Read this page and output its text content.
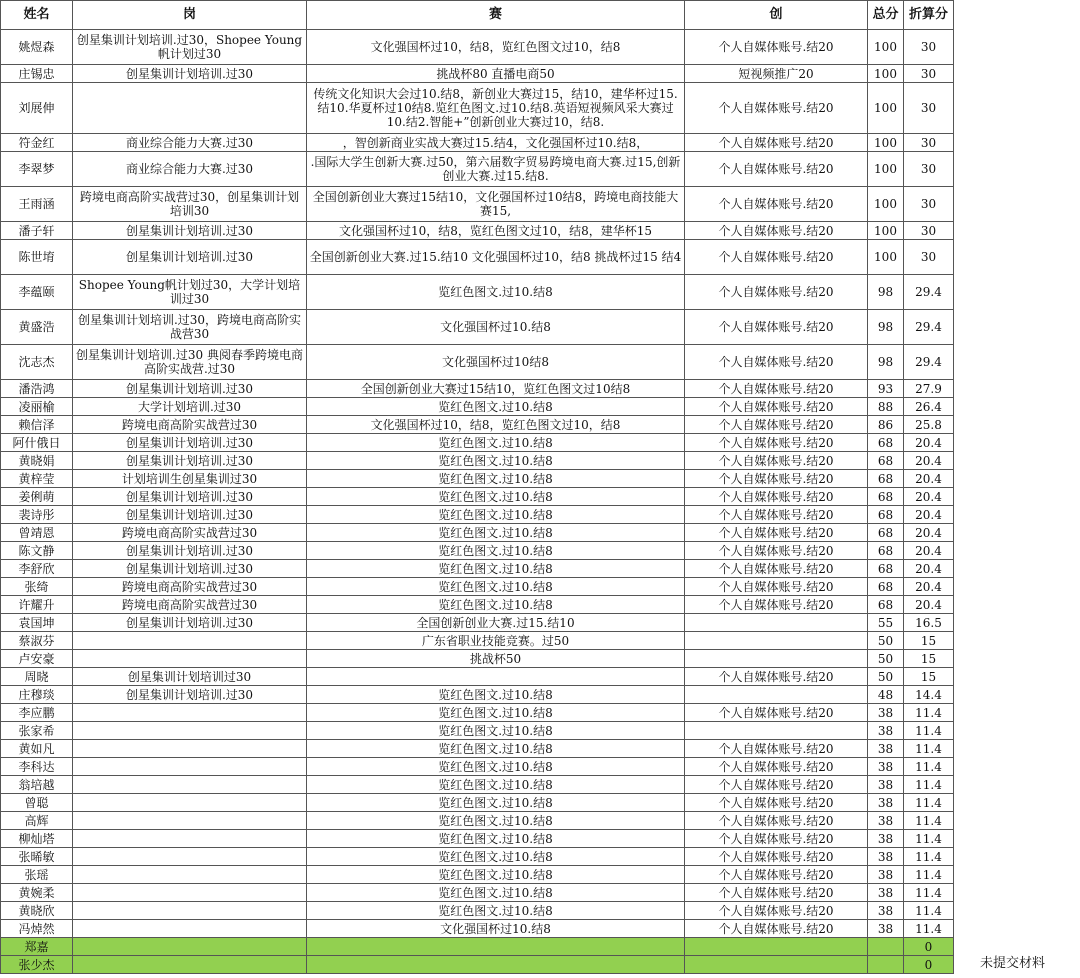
姓名	岗	赛	创	总分	折算分
姚煜森	创星集训计划培训.过30，Shopee Young帆计划过30	文化强国杯过10，结8，览红色图文过10，结8	个人自媒体账号.结20	100	30
庄锡忠	创星集训计划培训.过30	挑战杯80 直播电商50	短视频推广20	100	30
刘展伸		传统文化知识大会过10.结8，新创业大赛过15，结10，建华杯过15.结10.华夏杯过10结8.览红色图文.过10.结8.英语短视频风采大赛过10.结2.智能+”创新创业大赛过10，结8.	个人自媒体账号.结20	100	30
符金红	商业综合能力大赛.过30	，智创新商业实战大赛过15.结4，文化强国杯过10.结8，	个人自媒体账号.结20	100	30
李翠梦	商业综合能力大赛.过30	.国际大学生创新大赛.过50，第六届数字贸易跨境电商大赛.过15,创新创业大赛.过15.结8.	个人自媒体账号.结20	100	30
王雨涵	跨境电商高阶实战营过30，创星集训计划培训30	全国创新创业大赛过15结10，文化强国杯过10结8，跨境电商技能大赛15,	个人自媒体账号.结20	100	30
潘子轩	创星集训计划培训.过30	文化强国杯过10，结8，览红色图文过10，结8，建华杯15	个人自媒体账号.结20	100	30
陈世堉	创星集训计划培训.过30	全国创新创业大赛.过15.结10 文化强国杯过10，结8 挑战杯过15 结4	个人自媒体账号.结20	100	30
李蕴颐	Shopee Young帆计划过30，大学计划培训过30	览红色图文.过10.结8	个人自媒体账号.结20	98	29.4
黄盛浩	创星集训计划培训.过30，跨境电商高阶实战营30	文化强国杯过10.结8	个人自媒体账号.结20	98	29.4
沈志杰	创星集训计划培训.过30 典阅春季跨境电商高阶实战营.过30	文化强国杯过10结8	个人自媒体账号.结20	98	29.4
潘浩鸿	创星集训计划培训.过30	全国创新创业大赛过15结10，览红色图文过10结8	个人自媒体账号.结20	93	27.9
凌丽榆	大学计划培训.过30	览红色图文.过10.结8	个人自媒体账号.结20	88	26.4
赖信泽	跨境电商高阶实战营过30	文化强国杯过10，结8，览红色图文过10，结8	个人自媒体账号.结20	86	25.8
阿什俄日	创星集训计划培训.过30	览红色图文.过10.结8	个人自媒体账号.结20	68	20.4
黄晓娟	创星集训计划培训.过30	览红色图文.过10.结8	个人自媒体账号.结20	68	20.4
黄梓莹	计划培训生创星集训过30	览红色图文.过10.结8	个人自媒体账号.结20	68	20.4
姜俐萌	创星集训计划培训.过30	览红色图文.过10.结8	个人自媒体账号.结20	68	20.4
裴诗彤	创星集训计划培训.过30	览红色图文.过10.结8	个人自媒体账号.结20	68	20.4
曾靖恩	跨境电商高阶实战营过30	览红色图文.过10.结8	个人自媒体账号.结20	68	20.4
陈文静	创星集训计划培训.过30	览红色图文.过10.结8	个人自媒体账号.结20	68	20.4
李舒欣	创星集训计划培训.过30	览红色图文.过10.结8	个人自媒体账号.结20	68	20.4
张绮	跨境电商高阶实战营过30	览红色图文.过10.结8	个人自媒体账号.结20	68	20.4
许耀升	跨境电商高阶实战营过30	览红色图文.过10.结8	个人自媒体账号.结20	68	20.4
袁国坤	创星集训计划培训.过30	全国创新创业大赛.过15.结10		55	16.5
蔡淑芬		广东省职业技能竞赛。过50		50	15
卢安豪		挑战杯50		50	15
周晓	创星集训计划培训过30		个人自媒体账号.结20	50	15
庄穆琰	创星集训计划培训.过30	览红色图文.过10.结8		48	14.4
李应鹏		览红色图文.过10.结8	个人自媒体账号.结20	38	11.4
张家希		览红色图文.过10.结8		38	11.4
黄如凡		览红色图文.过10.结8	个人自媒体账号.结20	38	11.4
李科达		览红色图文.过10.结8	个人自媒体账号.结20	38	11.4
翁培越		览红色图文.过10.结8	个人自媒体账号.结20	38	11.4
曾聪		览红色图文.过10.结8	个人自媒体账号.结20	38	11.4
高辉		览红色图文.过10.结8	个人自媒体账号.结20	38	11.4
柳灿塔		览红色图文.过10.结8	个人自媒体账号.结20	38	11.4
张晞敏		览红色图文.过10.结8	个人自媒体账号.结20	38	11.4
张瑶		览红色图文.过10.结8	个人自媒体账号.结20	38	11.4
黄婉柔		览红色图文.过10.结8	个人自媒体账号.结20	38	11.4
黄晓欣		览红色图文.过10.结8	个人自媒体账号.结20	38	11.4
冯焯然		文化强国杯过10.结8	个人自媒体账号.结20	38	11.4
郑嘉					0
张少杰					0	未提交材料
